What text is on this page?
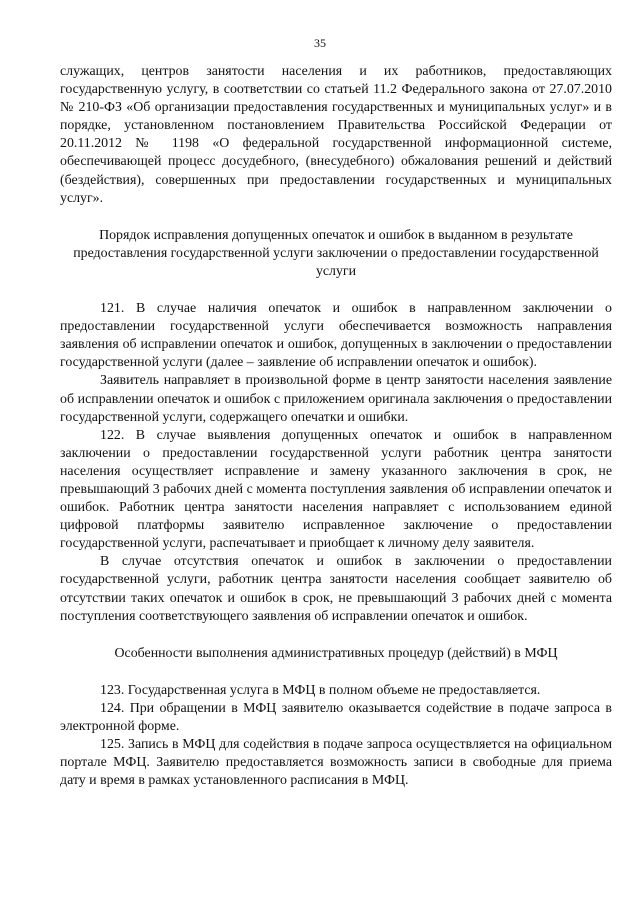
35

служащих, центров занятости населения и их работников, предоставляющих государственную услугу, в соответствии со статьей 11.2 Федерального закона от 27.07.2010 № 210-ФЗ «Об организации предоставления государственных и муниципальных услуг» и в порядке, установленном постановлением Правительства Российской Федерации от 20.11.2012 № 1198 «О федеральной государственной информационной системе, обеспечивающей процесс досудебного, (внесудебного) обжалования решений и действий (бездействия), совершенных при предоставлении государственных и муниципальных услуг».

Порядок исправления допущенных опечаток и ошибок в выданном в результате предоставления государственной услуги заключении о предоставлении государственной услуги

121. В случае наличия опечаток и ошибок в направленном заключении о предоставлении государственной услуги обеспечивается возможность направления заявления об исправлении опечаток и ошибок, допущенных в заключении о предоставлении государственной услуги (далее – заявление об исправлении опечаток и ошибок).

Заявитель направляет в произвольной форме в центр занятости населения заявление об исправлении опечаток и ошибок с приложением оригинала заключения о предоставлении государственной услуги, содержащего опечатки и ошибки.

122. В случае выявления допущенных опечаток и ошибок в направленном заключении о предоставлении государственной услуги работник центра занятости населения осуществляет исправление и замену указанного заключения в срок, не превышающий 3 рабочих дней с момента поступления заявления об исправлении опечаток и ошибок. Работник центра занятости населения направляет с использованием единой цифровой платформы заявителю исправленное заключение о предоставлении государственной услуги, распечатывает и приобщает к личному делу заявителя.

В случае отсутствия опечаток и ошибок в заключении о предоставлении государственной услуги, работник центра занятости населения сообщает заявителю об отсутствии таких опечаток и ошибок в срок, не превышающий 3 рабочих дней с момента поступления соответствующего заявления об исправлении опечаток и ошибок.

Особенности выполнения административных процедур (действий) в МФЦ

123. Государственная услуга в МФЦ в полном объеме не предоставляется.

124. При обращении в МФЦ заявителю оказывается содействие в подаче запроса в электронной форме.

125. Запись в МФЦ для содействия в подаче запроса осуществляется на официальном портале МФЦ. Заявителю предоставляется возможность записи в свободные для приема дату и время в рамках установленного расписания в МФЦ.
